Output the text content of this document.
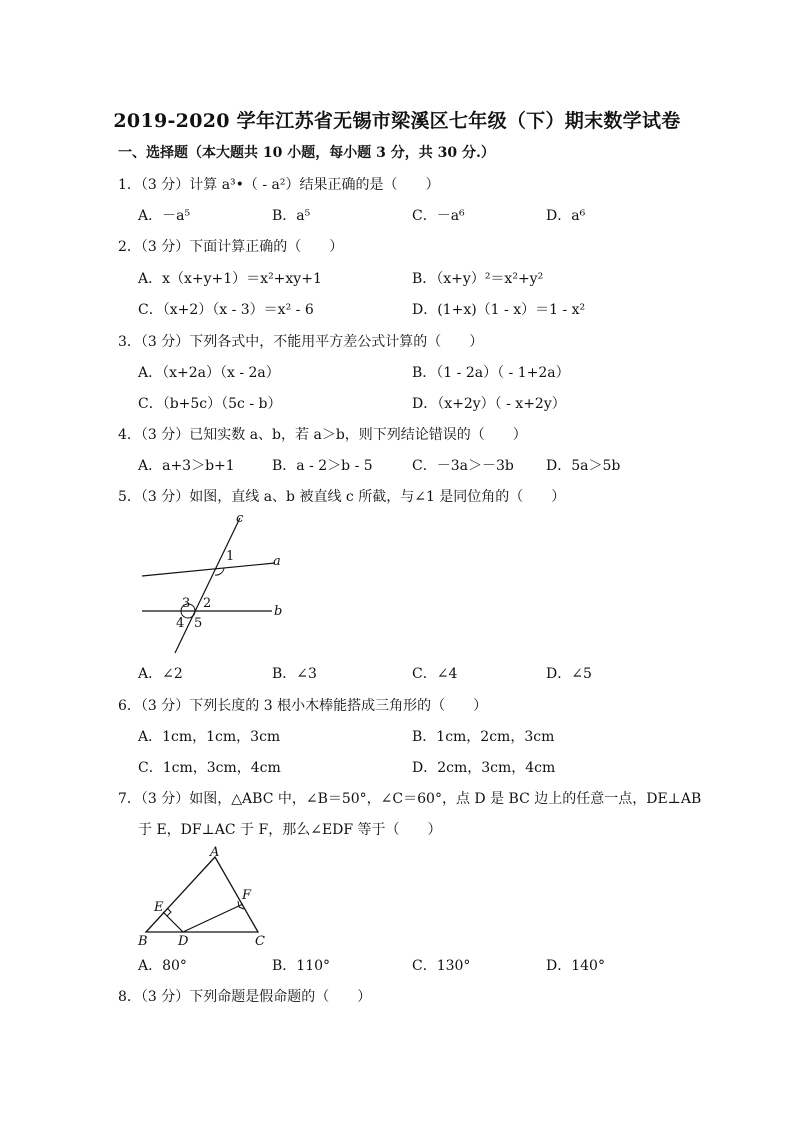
2019-2020 学年江苏省无锡市梁溪区七年级（下）期末数学试卷
一、选择题（本大题共 10 小题，每小题 3 分，共 30 分.）
1．（3 分）计算 a³•（ - a²）结果正确的是（　　）
A．－a⁵	B．a⁵	C．－a⁶	D．a⁶
2．（3 分）下面计算正确的（　　）
A．x（x+y+1）＝x²+xy+1	B．（x+y）²＝x²+y²
C．（x+2）（x - 3）＝x² - 6	D．(1+x)（1 - x）＝1 - x²
3．（3 分）下列各式中，不能用平方差公式计算的（　　）
A．（x+2a）（x - 2a）	B．（1 - 2a）（ - 1+2a）
C．（b+5c）（5c - b）	D．（x+2y）（ - x+2y）
4．（3 分）已知实数 a、b，若 a＞b，则下列结论错误的（　　）
A．a+3＞b+1	B．a - 2＞b - 5	C．－3a＞－3b D．5a＞5b
5．（3 分）如图，直线 a、b 被直线 c 所截，与∠1 是同位角的（　　）
c
a
b
1
2
3
4 5
A．∠2	B．∠3	C．∠4	D．∠5
6．（3 分）下列长度的 3 根小木棒能搭成三角形的（　　）
A．1cm，1cm，3cm	B．1cm，2cm，3cm
C．1cm，3cm，4cm	D．2cm，3cm，4cm
7．（3 分）如图，△ABC 中，∠B＝50°，∠C＝60°，点 D 是 BC 边上的任意一点，DE⊥AB
于 E，DF⊥AC 于 F，那么∠EDF 等于（　　）
A
B	C
D
E
F
A．80°	B．110°	C．130°	D．140°
8．（3 分）下列命题是假命题的（　　）
